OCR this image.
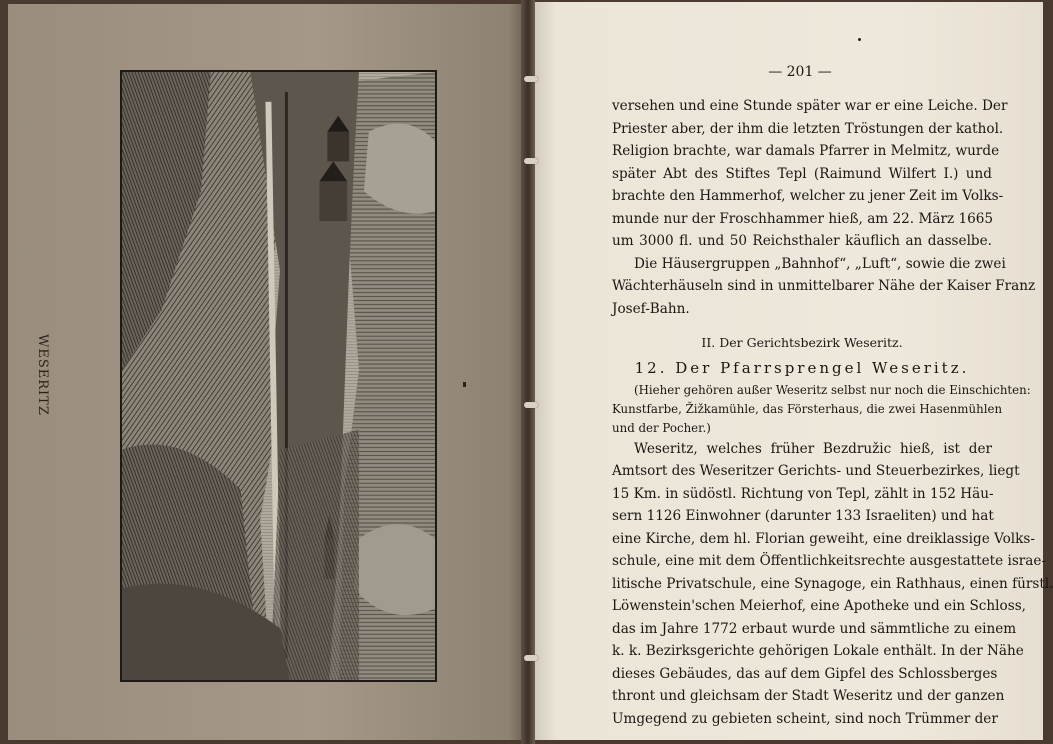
WESERITZ
— 201 —
versehen und eine Stunde später war er eine Leiche. Der
Priester aber, der ihm die letzten Tröstungen der kathol.
Religion brachte, war damals Pfarrer in Melmitz, wurde
später Abt des Stiftes Tepl (Raimund Wilfert I.) und
brachte den Hammerhof, welcher zu jener Zeit im Volks-
munde nur der Froschhammer hieß, am 22. März 1665
um 3000 fl. und 50 Reichsthaler käuflich an dasselbe.
Die Häusergruppen „Bahnhof“, „Luft“, sowie die zwei
Wächterhäuseln sind in unmittelbarer Nähe der Kaiser Franz
Josef-Bahn.
II. Der Gerichtsbezirk Weseritz.
12. Der Pfarrsprengel Weseritz.
(Hieher gehören außer Weseritz selbst nur noch die Einschichten:
Kunstfarbe, Žižkamühle, das Försterhaus, die zwei Hasenmühlen
und der Pocher.)
Weseritz, welches früher Bezdružic hieß, ist der
Amtsort des Weseritzer Gerichts- und Steuerbezirkes, liegt
15 Km. in südöstl. Richtung von Tepl, zählt in 152 Häu-
sern 1126 Einwohner (darunter 133 Israeliten) und hat
eine Kirche, dem hl. Florian geweiht, eine dreiklassige Volks-
schule, eine mit dem Öffentlichkeitsrechte ausgestattete israe-
litische Privatschule, eine Synagoge, ein Rathhaus, einen fürstl.
Löwenstein'schen Meierhof, eine Apotheke und ein Schloss,
das im Jahre 1772 erbaut wurde und sämmtliche zu einem
k. k. Bezirksgerichte gehörigen Lokale enthält. In der Nähe
dieses Gebäudes, das auf dem Gipfel des Schlossberges
thront und gleichsam der Stadt Weseritz und der ganzen
Umgegend zu gebieten scheint, sind noch Trümmer der
